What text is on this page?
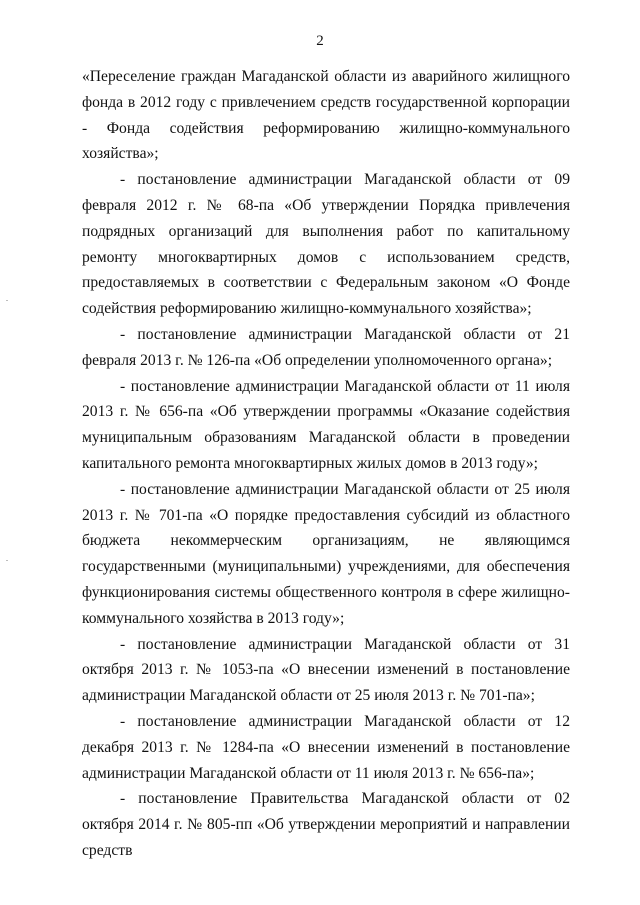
2

«Переселение граждан Магаданской области из аварийного жилищного фонда в 2012 году с привлечением средств государственной корпорации - Фонда содействия реформированию жилищно-коммунального хозяйства»;

- постановление администрации Магаданской области от 09 февраля 2012 г. № 68-па «Об утверждении Порядка привлечения подрядных организаций для выполнения работ по капитальному ремонту многоквартирных домов с использованием средств, предоставляемых в соответствии с Федеральным законом «О Фонде содействия реформированию жилищно-коммунального хозяйства»;

- постановление администрации Магаданской области от 21 февраля 2013 г. № 126-па «Об определении уполномоченного органа»;

- постановление администрации Магаданской области от 11 июля 2013 г. № 656-па «Об утверждении программы «Оказание содействия муниципальным образованиям Магаданской области в проведении капитального ремонта многоквартирных жилых домов в 2013 году»;

- постановление администрации Магаданской области от 25 июля 2013 г. № 701-па «О порядке предоставления субсидий из областного бюджета некоммерческим организациям, не являющимся государственными (муниципальными) учреждениями, для обеспечения функционирования системы общественного контроля в сфере жилищно-коммунального хозяйства в 2013 году»;

- постановление администрации Магаданской области от 31 октября 2013 г. № 1053-па «О внесении изменений в постановление администрации Магаданской области от 25 июля 2013 г. № 701-па»;

- постановление администрации Магаданской области от 12 декабря 2013 г. № 1284-па «О внесении изменений в постановление администрации Магаданской области от 11 июля 2013 г. № 656-па»;

- постановление Правительства Магаданской области от 02 октября 2014 г. № 805-пп «Об утверждении мероприятий и направлении средств
